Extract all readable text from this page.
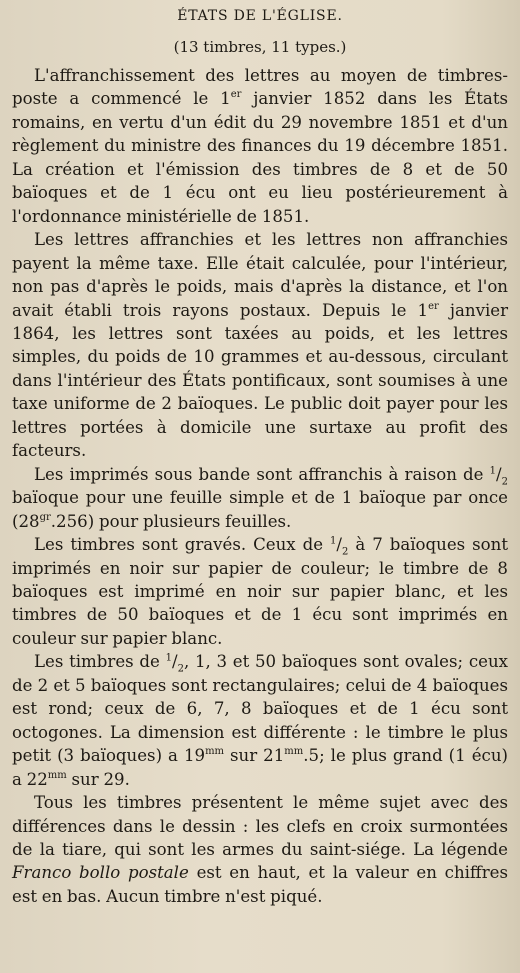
ÉTATS DE L'ÉGLISE.
(13 timbres, 11 types.)

L'affranchissement des lettres au moyen de timbres-poste a commencé le 1er janvier 1852 dans les États romains, en vertu d'un édit du 29 novembre 1851 et d'un règlement du ministre des finances du 19 décembre 1851. La création et l'émission des timbres de 8 et de 50 baïoques et de 1 écu ont eu lieu postérieurement à l'ordonnance ministérielle de 1851.

Les lettres affranchies et les lettres non affranchies payent la même taxe. Elle était calculée, pour l'intérieur, non pas d'après le poids, mais d'après la distance, et l'on avait établi trois rayons postaux. Depuis le 1er janvier 1864, les lettres sont taxées au poids, et les lettres simples, du poids de 10 grammes et au-dessous, circulant dans l'intérieur des États pontificaux, sont soumises à une taxe uniforme de 2 baïoques. Le public doit payer pour les lettres portées à domicile une surtaxe au profit des facteurs.

Les imprimés sous bande sont affranchis à raison de $^1/_2$ baïoque pour une feuille simple et de 1 baïoque par once $(28^{gr}.256)$ pour plusieurs feuilles.

Les timbres sont gravés. Ceux de $^1/_2$ à 7 baïoques sont imprimés en noir sur papier de couleur; le timbre de 8 baïoques est imprimé en noir sur papier blanc, et les timbres de 50 baïoques et de 1 écu sont imprimés en couleur sur papier blanc.

Les timbres de $^1/_2$, 1, 3 et 50 baïoques sont ovales; ceux de 2 et 5 baïoques sont rectangulaires; celui de 4 baïoques est rond; ceux de 6, 7, 8 baïoques et de 1 écu sont octogones. La dimension est différente : le timbre le plus petit (3 baïoques) a $19^{mm}$ sur $21^{mm}.5$; le plus grand (1 écu) a $22^{mm}$ sur 29.

Tous les timbres présentent le même sujet avec des différences dans le dessin : les clefs en croix surmontées de la tiare, qui sont les armes du saint-siége. La légende Franco bollo postale est en haut, et la valeur en chiffres est en bas. Aucun timbre n'est piqué.
